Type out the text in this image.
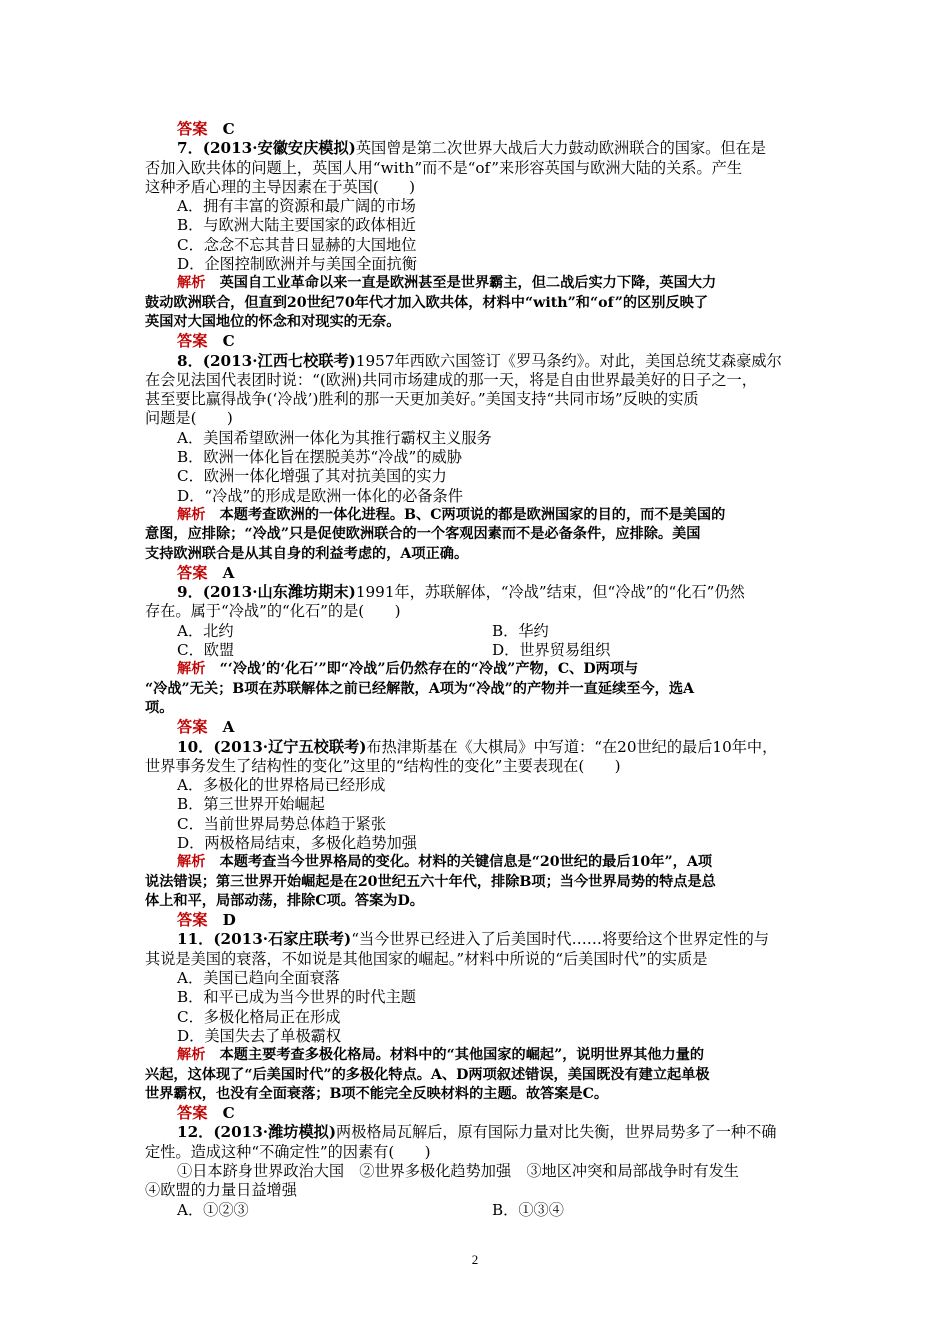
答案　 C
7．(2013·安徽安庆模拟)英国曾是第二次世界大战后大力鼓动欧洲联合的国家。但在是
否加入欧共体的问题上，英国人用“with”而不是“of”来形容英国与欧洲大陆的关系。产生
这种矛盾心理的主导因素在于英国(　　)
A．拥有丰富的资源和最广阔的市场
B．与欧洲大陆主要国家的政体相近
C．念念不忘其昔日显赫的大国地位
D．企图控制欧洲并与美国全面抗衡
解析　 英国自工业革命以来一直是欧洲甚至是世界霸主，但二战后实力下降，英国大力
鼓动欧洲联合，但直到20世纪70年代才加入欧共体，材料中“with”和“of”的区别反映了
英国对大国地位的怀念和对现实的无奈。
答案　 C
8．(2013·江西七校联考)1957年西欧六国签订《罗马条约》。对此，美国总统艾森豪威尔
在会见法国代表团时说：“(欧洲)共同市场建成的那一天，将是自由世界最美好的日子之一，
甚至要比赢得战争(‘冷战’)胜利的那一天更加美好。”美国支持“共同市场”反映的实质
问题是(　　)
A．美国希望欧洲一体化为其推行霸权主义服务
B．欧洲一体化旨在摆脱美苏“冷战”的威胁
C．欧洲一体化增强了其对抗美国的实力
D．“冷战”的形成是欧洲一体化的必备条件
解析　 本题考查欧洲的一体化进程。B、C两项说的都是欧洲国家的目的，而不是美国的
意图，应排除；“冷战”只是促使欧洲联合的一个客观因素而不是必备条件，应排除。美国
支持欧洲联合是从其自身的利益考虑的，A项正确。
答案　 A
9．(2013·山东潍坊期末)1991年，苏联解体，“冷战”结束，但“冷战”的“化石”仍然
存在。属于“冷战”的“化石”的是(　　)
A．北约	B．华约
C．欧盟	D．世界贸易组织
解析　 “‘冷战’的‘化石’”即“冷战”后仍然存在的“冷战”产物，C、D两项与
“冷战”无关；B项在苏联解体之前已经解散，A项为“冷战”的产物并一直延续至今，选A
项。
答案　 A
10．(2013·辽宁五校联考)布热津斯基在《大棋局》中写道：“在20世纪的最后10年中，
世界事务发生了结构性的变化”这里的“结构性的变化”主要表现在(　　)
A．多极化的世界格局已经形成
B．第三世界开始崛起
C．当前世界局势总体趋于紧张
D．两极格局结束，多极化趋势加强
解析　 本题考查当今世界格局的变化。材料的关键信息是“20世纪的最后10年”，A项
说法错误；第三世界开始崛起是在20世纪五六十年代，排除B项；当今世界局势的特点是总
体上和平，局部动荡，排除C项。答案为D。
答案　 D
11．(2013·石家庄联考)“当今世界已经进入了后美国时代……将要给这个世界定性的与
其说是美国的衰落，不如说是其他国家的崛起。”材料中所说的“后美国时代”的实质是
A．美国已趋向全面衰落
B．和平已成为当今世界的时代主题
C．多极化格局正在形成
D．美国失去了单极霸权
解析　 本题主要考查多极化格局。材料中的“其他国家的崛起”，说明世界其他力量的
兴起，这体现了“后美国时代”的多极化特点。A、D两项叙述错误，美国既没有建立起单极
世界霸权，也没有全面衰落；B项不能完全反映材料的主题。故答案是C。
答案　 C
12．(2013·潍坊模拟)两极格局瓦解后，原有国际力量对比失衡，世界局势多了一种不确
定性。造成这种“不确定性”的因素有(　　)
①日本跻身世界政治大国　②世界多极化趋势加强　③地区冲突和局部战争时有发生
④欧盟的力量日益增强
A．①②③	B．①③④
2
